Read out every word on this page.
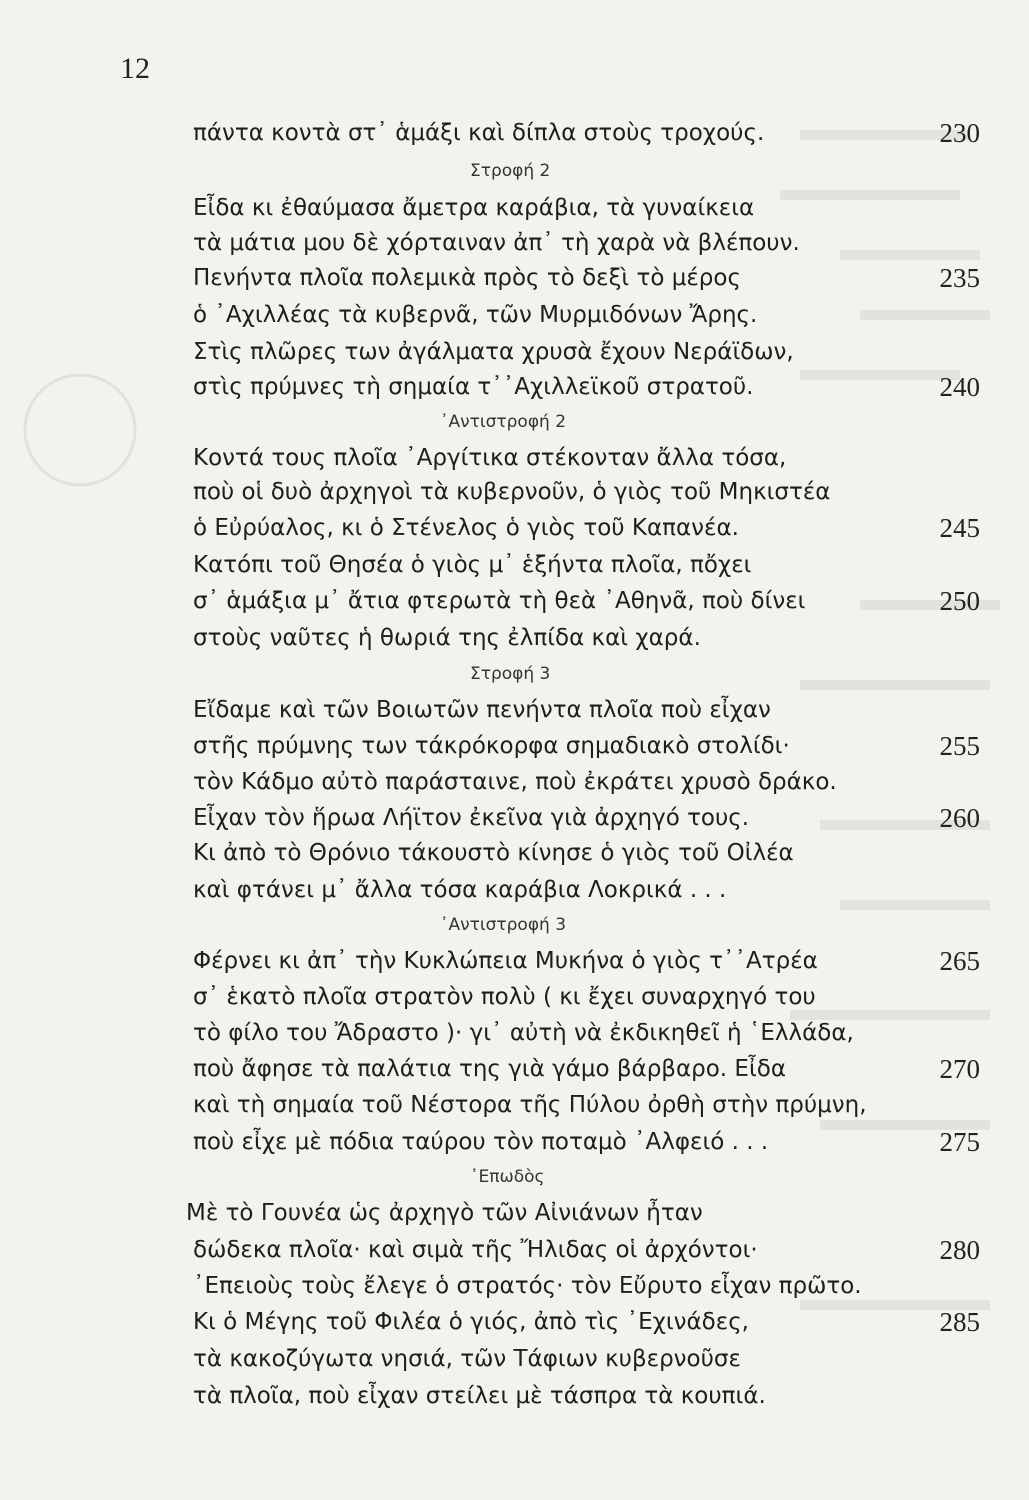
12
πάντα κοντὰ στ᾿ ἁμάξι καὶ δίπλα στοὺς τροχούς.	230
Στροφή 2
Εἶδα κι ἐθαύμασα ἄμετρα καράβια, τὰ γυναίκεια
τὰ μάτια μου δὲ χόρταιναν ἀπ᾿ τὴ χαρὰ νὰ βλέπουν.
Πενήντα πλοῖα πολεμικὰ πρὸς τὸ δεξὶ τὸ μέρος	235
ὁ ᾿Αχιλλέας τὰ κυβερνᾶ, τῶν Μυρμιδόνων Ἄρης.
Στὶς πλῶρες των ἀγάλματα χρυσὰ ἔχουν Νεράϊδων,
στὶς πρύμνες τὴ σημαία τ᾿᾿Αχιλλεϊκοῦ στρατοῦ.	240
᾿Αντιστροφή 2
Κοντά τους πλοῖα ᾿Αργίτικα στέκονταν ἄλλα τόσα,
ποὺ οἱ δυὸ ἀρχηγοὶ τὰ κυβερνοῦν, ὁ γιὸς τοῦ Μηκιστέα
ὁ Εὐρύαλος, κι ὁ Στένελος ὁ γιὸς τοῦ Καπανέα.	245
Κατόπι τοῦ Θησέα ὁ γιὸς μ᾿ ἑξήντα πλοῖα, πὄχει
σ᾿ ἁμάξια μ᾿ ἄτια φτερωτὰ τὴ θεὰ ᾿Αθηνᾶ, ποὺ δίνει	250
στοὺς ναῦτες ἡ θωριά της ἐλπίδα καὶ χαρά.
Στροφή 3
Εἴδαμε καὶ τῶν Βοιωτῶν πενήντα πλοῖα ποὺ εἶχαν
στῆς πρύμνης των τάκρόκορφα σημαδιακὸ στολίδι·	255
τὸν Κάδμο αὐτὸ παράσταινε, ποὺ ἐκράτει χρυσὸ δράκο.
Εἶχαν τὸν ἥρωα Λήϊτον ἐκεῖνα γιὰ ἀρχηγό τους.	260
Κι ἀπὸ τὸ Θρόνιο τάκουστὸ κίνησε ὁ γιὸς τοῦ Οἰλέα
καὶ φτάνει μ᾿ ἄλλα τόσα καράβια Λοκρικά . . .
᾿Αντιστροφή 3
Φέρνει κι ἀπ᾿ τὴν Κυκλώπεια Μυκήνα ὁ γιὸς τ᾿᾿Ατρέα	265
σ᾿ ἑκατὸ πλοῖα στρατὸν πολὺ ( κι ἔχει συναρχηγό του
τὸ φίλο του Ἄδραστο )· γι᾿ αὐτὴ νὰ ἐκδικηθεῖ ἡ ῾Ελλάδα,
ποὺ ἄφησε τὰ παλάτια της γιὰ γάμο βάρβαρο. Εἶδα	270
καὶ τὴ σημαία τοῦ Νέστορα τῆς Πύλου ὀρθὴ στὴν πρύμνη,
ποὺ εἶχε μὲ πόδια ταύρου τὸν ποταμὸ ᾿Αλφειό . . .	275
᾿Επωδὸς
Μὲ τὸ Γουνέα ὡς ἀρχηγὸ τῶν Αἰνιάνων ἦταν
δώδεκα πλοῖα· καὶ σιμὰ τῆς Ἤλιδας οἱ ἀρχόντοι·	280
᾿Επειοὺς τοὺς ἔλεγε ὁ στρατός· τὸν Εὔρυτο εἶχαν πρῶτο.
Κι ὁ Μέγης τοῦ Φιλέα ὁ γιός, ἀπὸ τὶς ᾿Εχινάδες,	285
τὰ κακοζύγωτα νησιά, τῶν Τάφιων κυβερνοῦσε
τὰ πλοῖα, ποὺ εἶχαν στείλει μὲ τάσπρα τὰ κουπιά.
